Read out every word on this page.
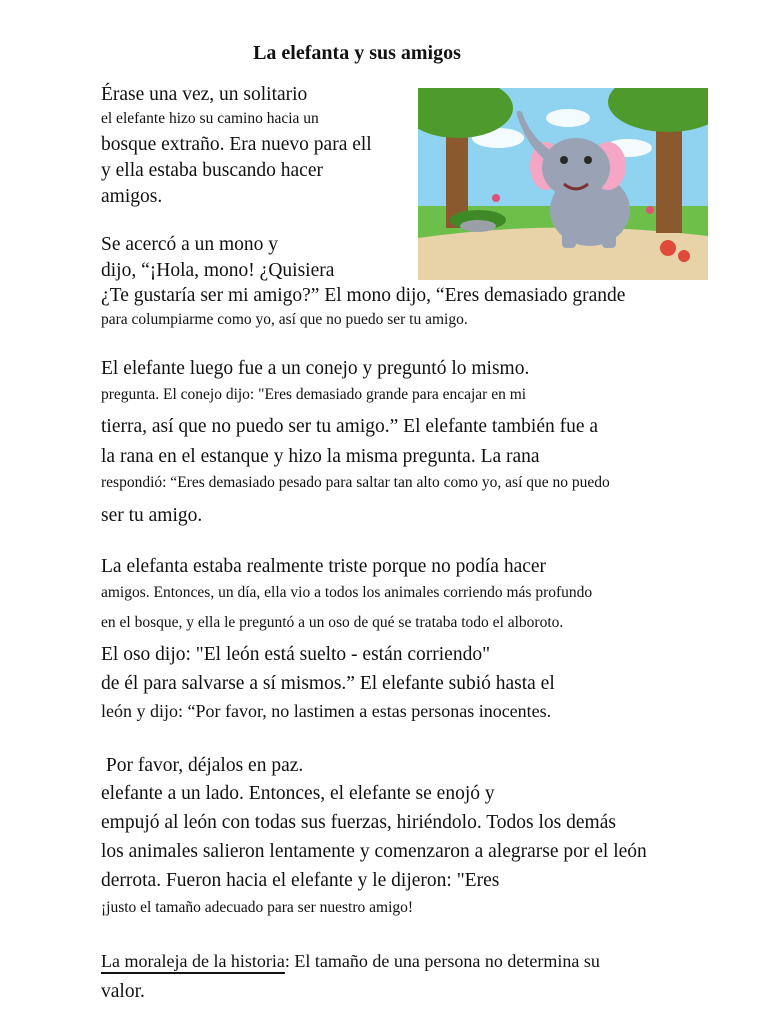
La elefanta y sus amigos
Érase una vez, un solitario
el elefante hizo su camino hacia un
bosque extraño. Era nuevo para ell
y ella estaba buscando hacer
amigos.
Se acercó a un mono y
dijo, “¡Hola, mono! ¿Quisiera
¿Te gustaría ser mi amigo?” El mono dijo, “Eres demasiado grande
para columpiarme como yo, así que no puedo ser tu amigo.
El elefante luego fue a un conejo y preguntó lo mismo.
pregunta. El conejo dijo: "Eres demasiado grande para encajar en mi
tierra, así que no puedo ser tu amigo.” El elefante también fue a
la rana en el estanque y hizo la misma pregunta. La rana
respondió: “Eres demasiado pesado para saltar tan alto como yo, así que no puedo
ser tu amigo.
La elefanta estaba realmente triste porque no podía hacer
amigos. Entonces, un día, ella vio a todos los animales corriendo más profundo
en el bosque, y ella le preguntó a un oso de qué se trataba todo el alboroto.
El oso dijo: "El león está suelto - están corriendo"
de él para salvarse a sí mismos.” El elefante subió hasta el
león y dijo: “Por favor, no lastimen a estas personas inocentes.
Por favor, déjalos en paz.
elefante a un lado. Entonces, el elefante se enojó y
empujó al león con todas sus fuerzas, hiriéndolo. Todos los demás
los animales salieron lentamente y comenzaron a alegrarse por el león
derrota. Fueron hacia el elefante y le dijeron: "Eres
¡justo el tamaño adecuado para ser nuestro amigo!
La moraleja de la historia: El tamaño de una persona no determina su
valor.
